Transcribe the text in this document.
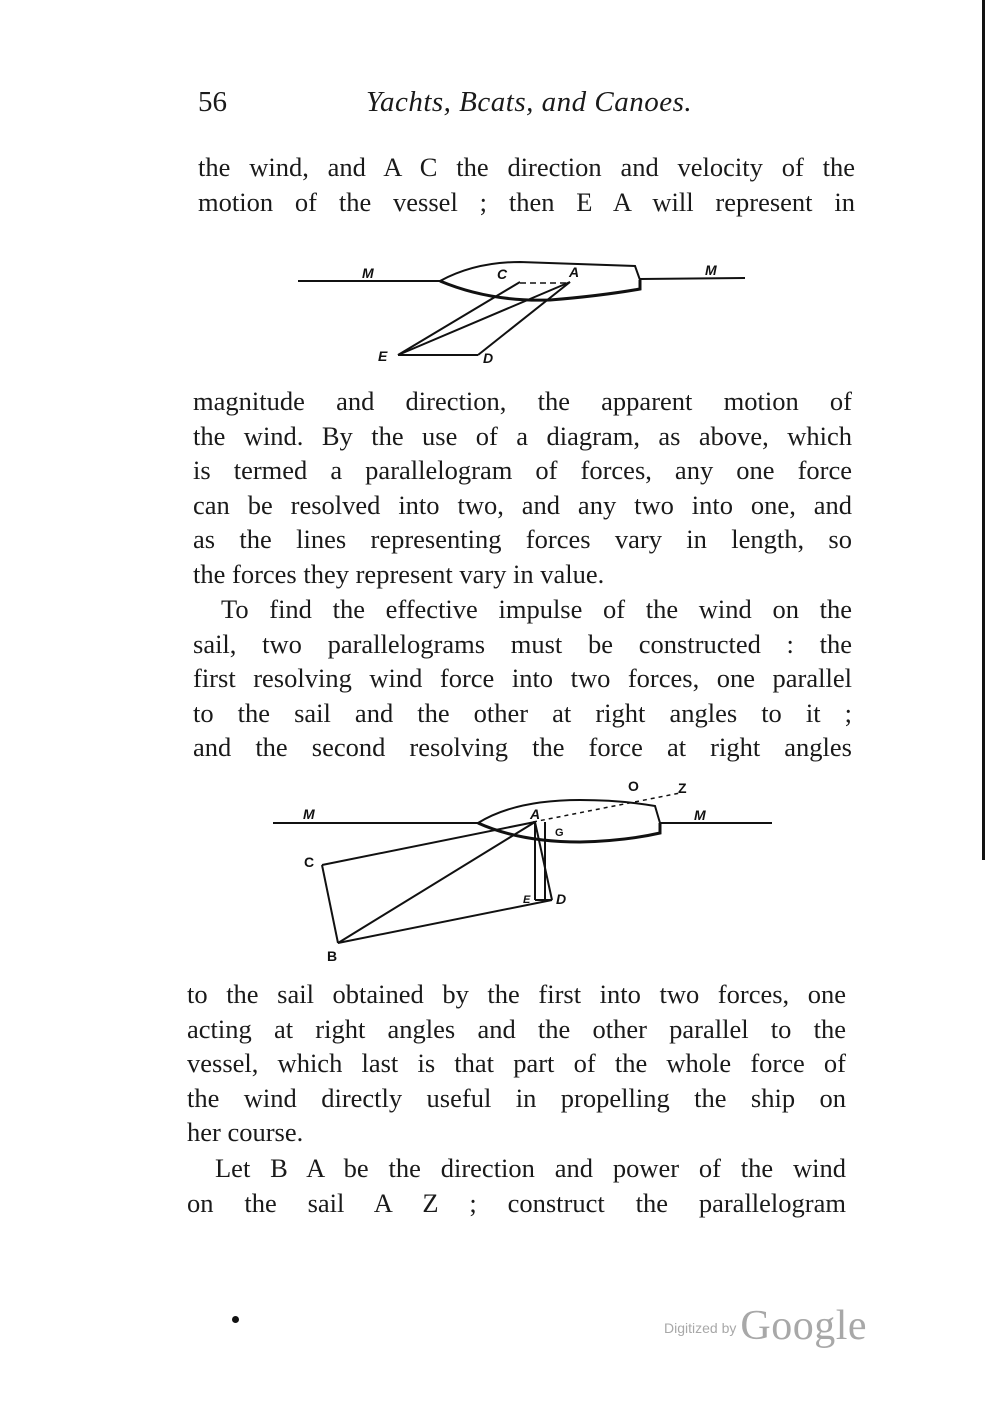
56	Yachts, Bcats, and Canoes.
the wind, and A C the direction and velocity of the
motion of the vessel ; then E A will represent in
M	C	A	M
E	D
magnitude and direction, the apparent motion of
the wind. By the use of a diagram, as above, which
is termed a parallelogram of forces, any one force
can be resolved into two, and any two into one, and
as the lines representing forces vary in length, so
the forces they represent vary in value.
To find the effective impulse of the wind on the
sail, two parallelograms must be constructed : the
first resolving wind force into two forces, one parallel
to the sail and the other at right angles to it ;
and the second resolving the force at right angles
O	Z
M	A
G
M
C
E D
B
to the sail obtained by the first into two forces, one
acting at right angles and the other parallel to the
vessel, which last is that part of the whole force of
the wind directly useful in propelling the ship on
her course.
Let B A be the direction and power of the wind
on the sail A Z ; construct the parallelogram
Digitized by Google
